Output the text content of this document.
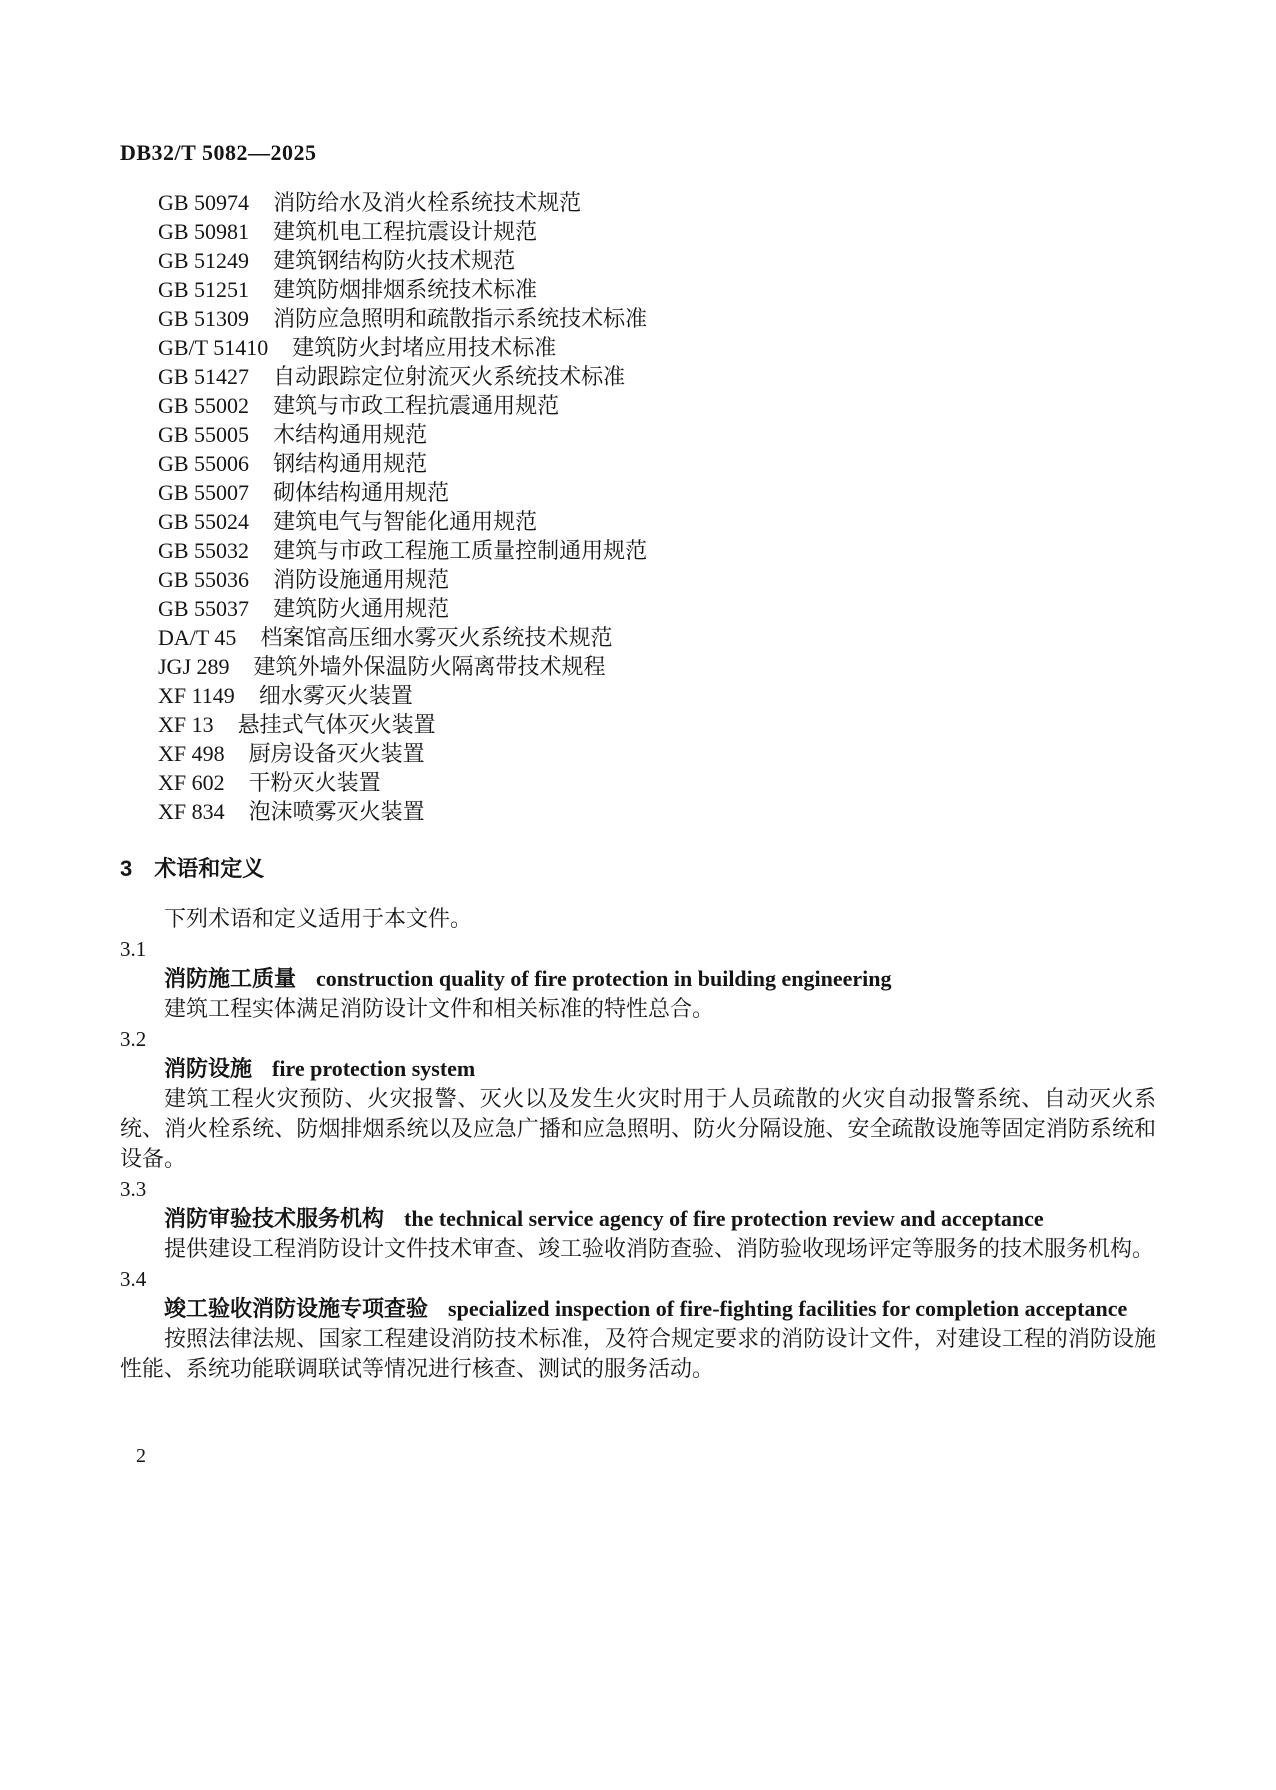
DB32/T 5082—2025

GB 50974 消防给水及消火栓系统技术规范

GB 50981 建筑机电工程抗震设计规范

GB 51249 建筑钢结构防火技术规范

GB 51251 建筑防烟排烟系统技术标准

GB 51309 消防应急照明和疏散指示系统技术标准

GB/T 51410 建筑防火封堵应用技术标准

GB 51427 自动跟踪定位射流灭火系统技术标准

GB 55002 建筑与市政工程抗震通用规范

GB 55005 木结构通用规范

GB 55006 钢结构通用规范

GB 55007 砌体结构通用规范

GB 55024 建筑电气与智能化通用规范

GB 55032 建筑与市政工程施工质量控制通用规范

GB 55036 消防设施通用规范

GB 55037 建筑防火通用规范

DA/T 45 档案馆高压细水雾灭火系统技术规范

JGJ 289 建筑外墙外保温防火隔离带技术规程

XF 1149 细水雾灭火装置

XF 13 悬挂式气体灭火装置

XF 498 厨房设备灭火装置

XF 602 干粉灭火装置

XF 834 泡沫喷雾灭火装置

3 术语和定义

下列术语和定义适用于本文件。

3.1

消防施工质量 construction quality of fire protection in building engineering

建筑工程实体满足消防设计文件和相关标准的特性总合。

3.2

消防设施 fire protection system

建筑工程火灾预防、火灾报警、灭火以及发生火灾时用于人员疏散的火灾自动报警系统、自动灭火系统、消火栓系统、防烟排烟系统以及应急广播和应急照明、防火分隔设施、安全疏散设施等固定消防系统和设备。

3.3

消防审验技术服务机构 the technical service agency of fire protection review and acceptance

提供建设工程消防设计文件技术审查、竣工验收消防查验、消防验收现场评定等服务的技术服务机构。

3.4

竣工验收消防设施专项查验 specialized inspection of fire-fighting facilities for completion acceptance

按照法律法规、国家工程建设消防技术标准，及符合规定要求的消防设计文件，对建设工程的消防设施性能、系统功能联调联试等情况进行核查、测试的服务活动。

2
